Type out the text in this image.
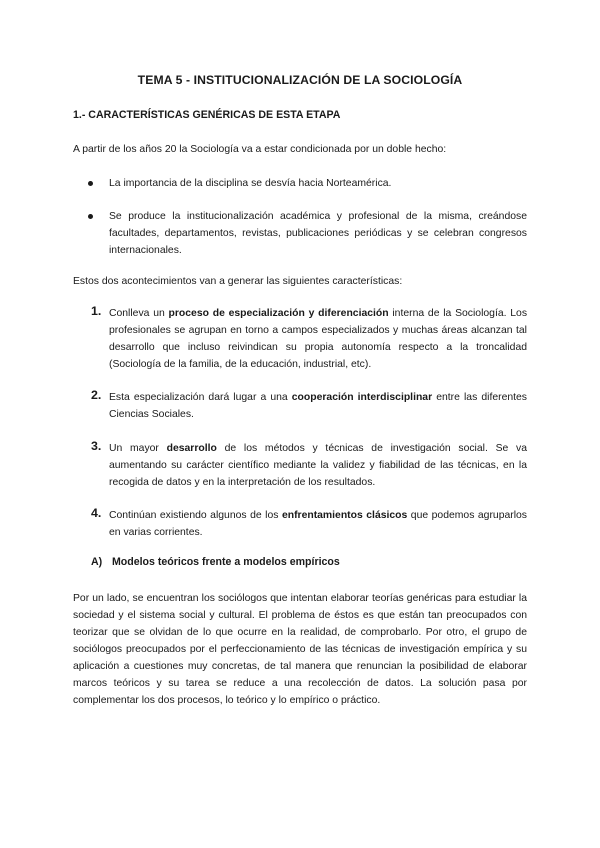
TEMA 5 - INSTITUCIONALIZACIÓN DE LA SOCIOLOGÍA
1.- CARACTERÍSTICAS GENÉRICAS DE ESTA ETAPA

A partir de los años 20 la Sociología va a estar condicionada por un doble hecho:

La importancia de la disciplina se desvía hacia Norteamérica.

Se produce la institucionalización académica y profesional de la misma, creándose facultades, departamentos, revistas, publicaciones periódicas y se celebran congresos internacionales.

Estos dos acontecimientos van a generar las siguientes características:

1. Conlleva un proceso de especialización y diferenciación interna de la Sociología. Los profesionales se agrupan en torno a campos especializados y muchas áreas alcanzan tal desarrollo que incluso reivindican su propia autonomía respecto a la troncalidad (Sociología de la familia, de la educación, industrial, etc).

2. Esta especialización dará lugar a una cooperación interdisciplinar entre las diferentes Ciencias Sociales.

3. Un mayor desarrollo de los métodos y técnicas de investigación social. Se va aumentando su carácter científico mediante la validez y fiabilidad de las técnicas, en la recogida de datos y en la interpretación de los resultados.

4. Continúan existiendo algunos de los enfrentamientos clásicos que podemos agruparlos en varias corrientes.

A) Modelos teóricos frente a modelos empíricos

Por un lado, se encuentran los sociólogos que intentan elaborar teorías genéricas para estudiar la sociedad y el sistema social y cultural. El problema de éstos es que están tan preocupados con teorizar que se olvidan de lo que ocurre en la realidad, de comprobarlo. Por otro, el grupo de sociólogos preocupados por el perfeccionamiento de las técnicas de investigación empírica y su aplicación a cuestiones muy concretas, de tal manera que renuncian la posibilidad de elaborar marcos teóricos y su tarea se reduce a una recolección de datos. La solución pasa por complementar los dos procesos, lo teórico y lo empírico o práctico.
